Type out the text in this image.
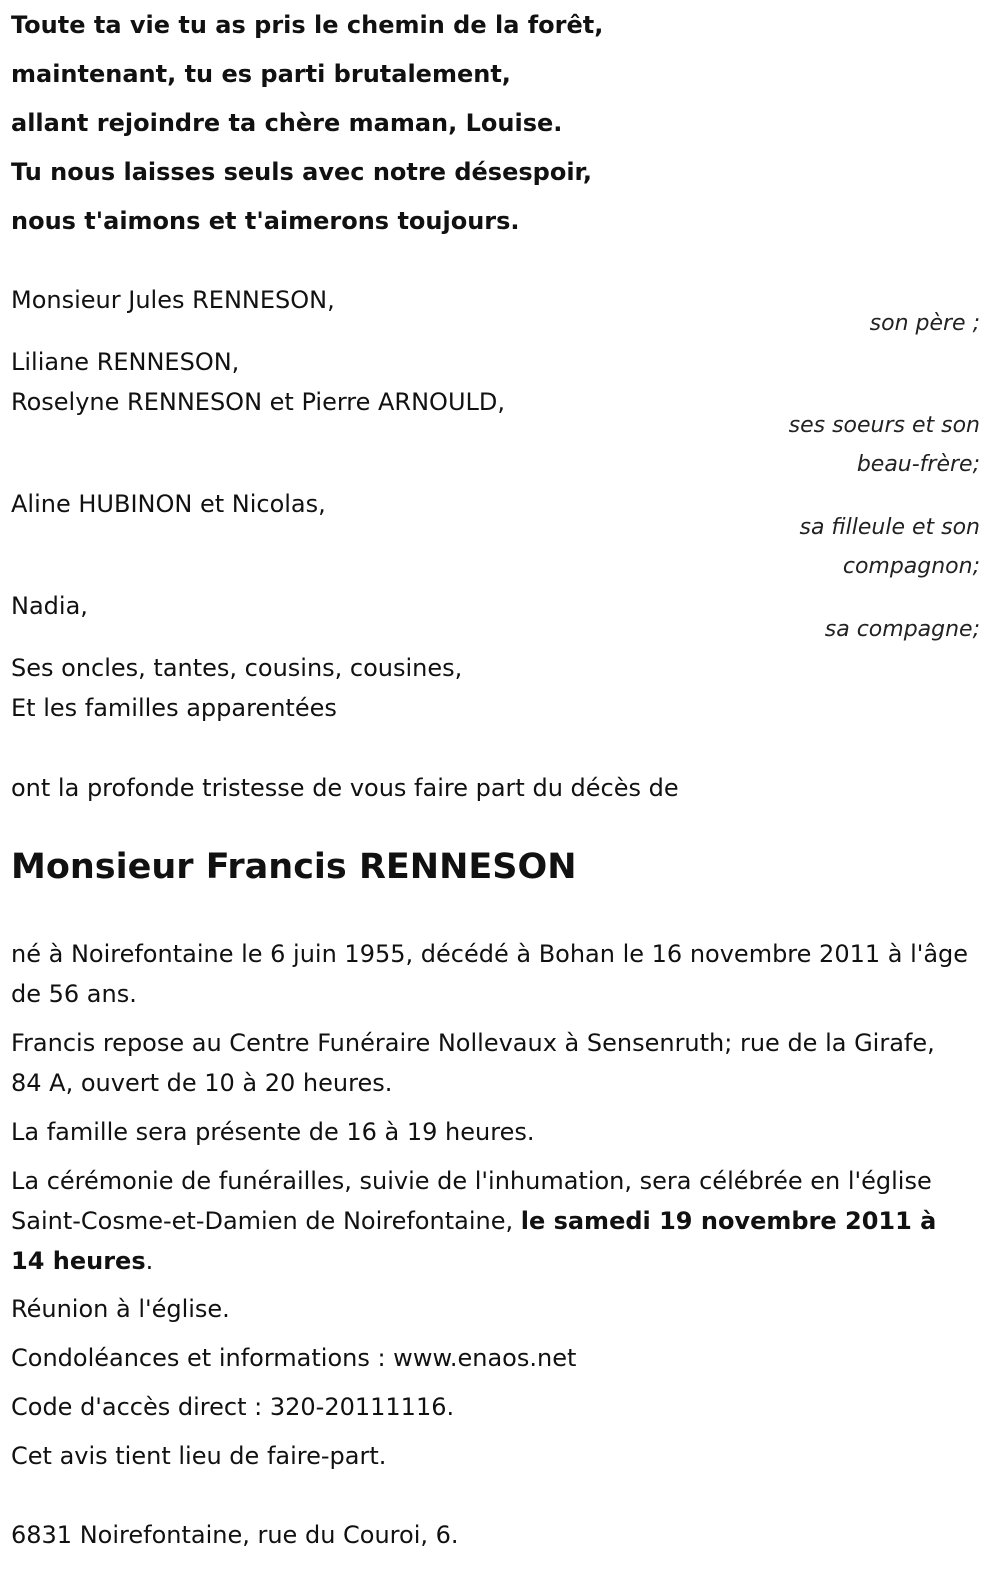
Toute ta vie tu as pris le chemin de la forêt,
maintenant, tu es parti brutalement,
allant rejoindre ta chère maman, Louise.
Tu nous laisses seuls avec notre désespoir,
nous t'aimons et t'aimerons toujours.
Monsieur Jules RENNESON,
son père ;
Liliane RENNESON,
Roselyne RENNESON et Pierre ARNOULD,
ses soeurs et son
beau-frère;
Aline HUBINON et Nicolas,
sa filleule et son
compagnon;
Nadia,
sa compagne;
Ses oncles, tantes, cousins, cousines,
Et les familles apparentées
ont la profonde tristesse de vous faire part du décès de
Monsieur Francis RENNESON
né à Noirefontaine le 6 juin 1955, décédé à Bohan le 16 novembre 2011 à l'âge de 56 ans.
Francis repose au Centre Funéraire Nollevaux à Sensenruth; rue de la Girafe, 84 A, ouvert de 10 à 20 heures.
La famille sera présente de 16 à 19 heures.
La cérémonie de funérailles, suivie de l'inhumation, sera célébrée en l'église Saint-Cosme-et-Damien de Noirefontaine, le samedi 19 novembre 2011 à 14 heures.
Réunion à l'église.
Condoléances et informations : www.enaos.net
Code d'accès direct : 320-20111116.
Cet avis tient lieu de faire-part.
6831 Noirefontaine, rue du Couroi, 6.
